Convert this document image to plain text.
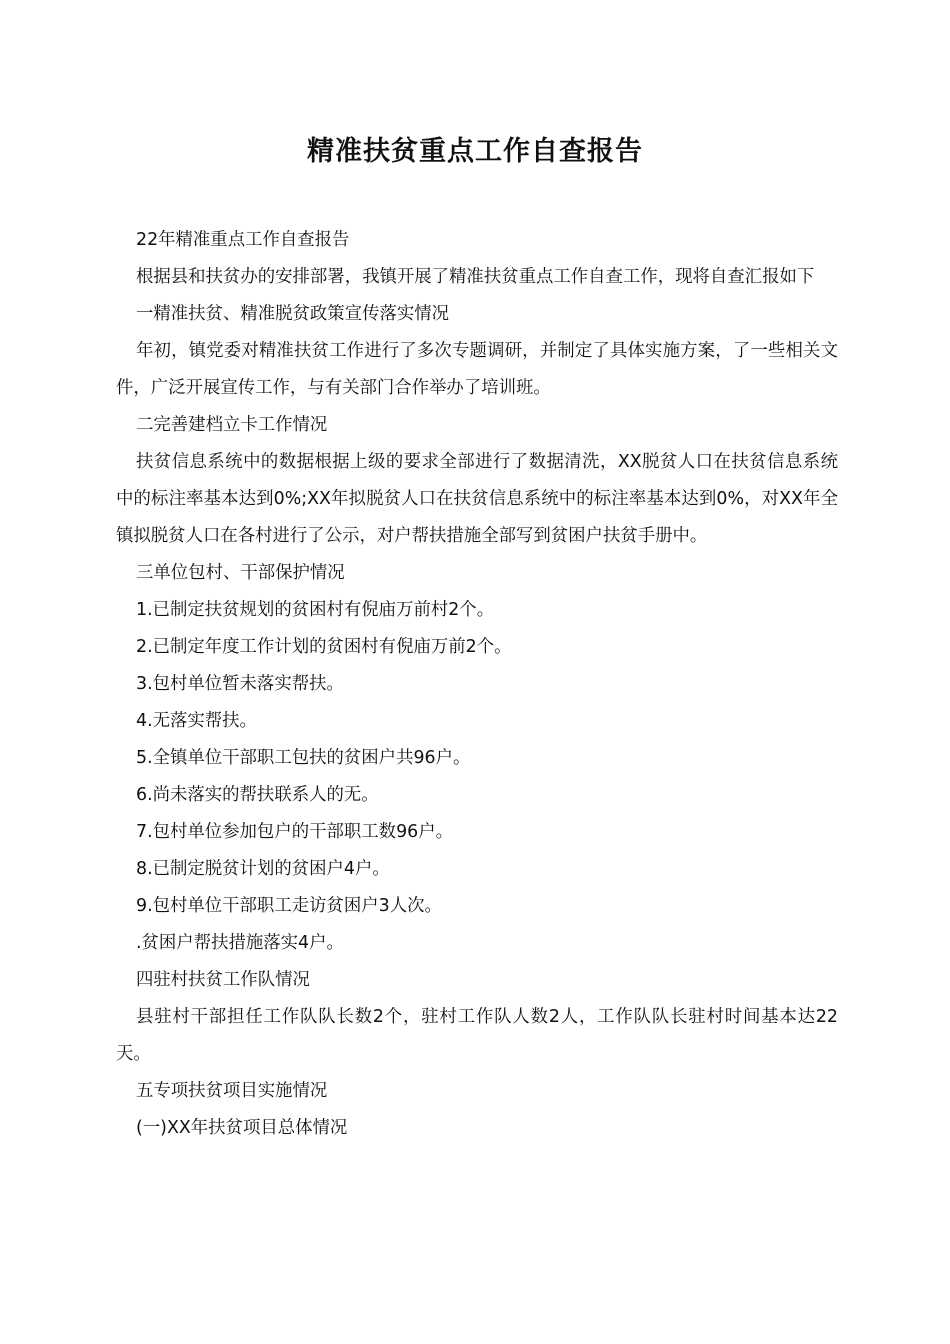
精准扶贫重点工作自查报告

22年精准重点工作自查报告

根据县和扶贫办的安排部署，我镇开展了精准扶贫重点工作自查工作，现将自查汇报如下

一精准扶贫、精准脱贫政策宣传落实情况

年初，镇党委对精准扶贫工作进行了多次专题调研，并制定了具体实施方案，了一些相关文件，广泛开展宣传工作，与有关部门合作举办了培训班。

二完善建档立卡工作情况

扶贫信息系统中的数据根据上级的要求全部进行了数据清洗，XX脱贫人口在扶贫信息系统中的标注率基本达到0%;XX年拟脱贫人口在扶贫信息系统中的标注率基本达到0%，对XX年全镇拟脱贫人口在各村进行了公示，对户帮扶措施全部写到贫困户扶贫手册中。

三单位包村、干部保护情况

1.已制定扶贫规划的贫困村有倪庙万前村2个。

2.已制定年度工作计划的贫困村有倪庙万前2个。

3.包村单位暂未落实帮扶。

4.无落实帮扶。

5.全镇单位干部职工包扶的贫困户共96户。

6.尚未落实的帮扶联系人的无。

7.包村单位参加包户的干部职工数96户。

8.已制定脱贫计划的贫困户4户。

9.包村单位干部职工走访贫困户3人次。

.贫困户帮扶措施落实4户。

四驻村扶贫工作队情况

县驻村干部担任工作队队长数2个，驻村工作队人数2人，工作队队长驻村时间基本达22天。

五专项扶贫项目实施情况

(一)XX年扶贫项目总体情况
